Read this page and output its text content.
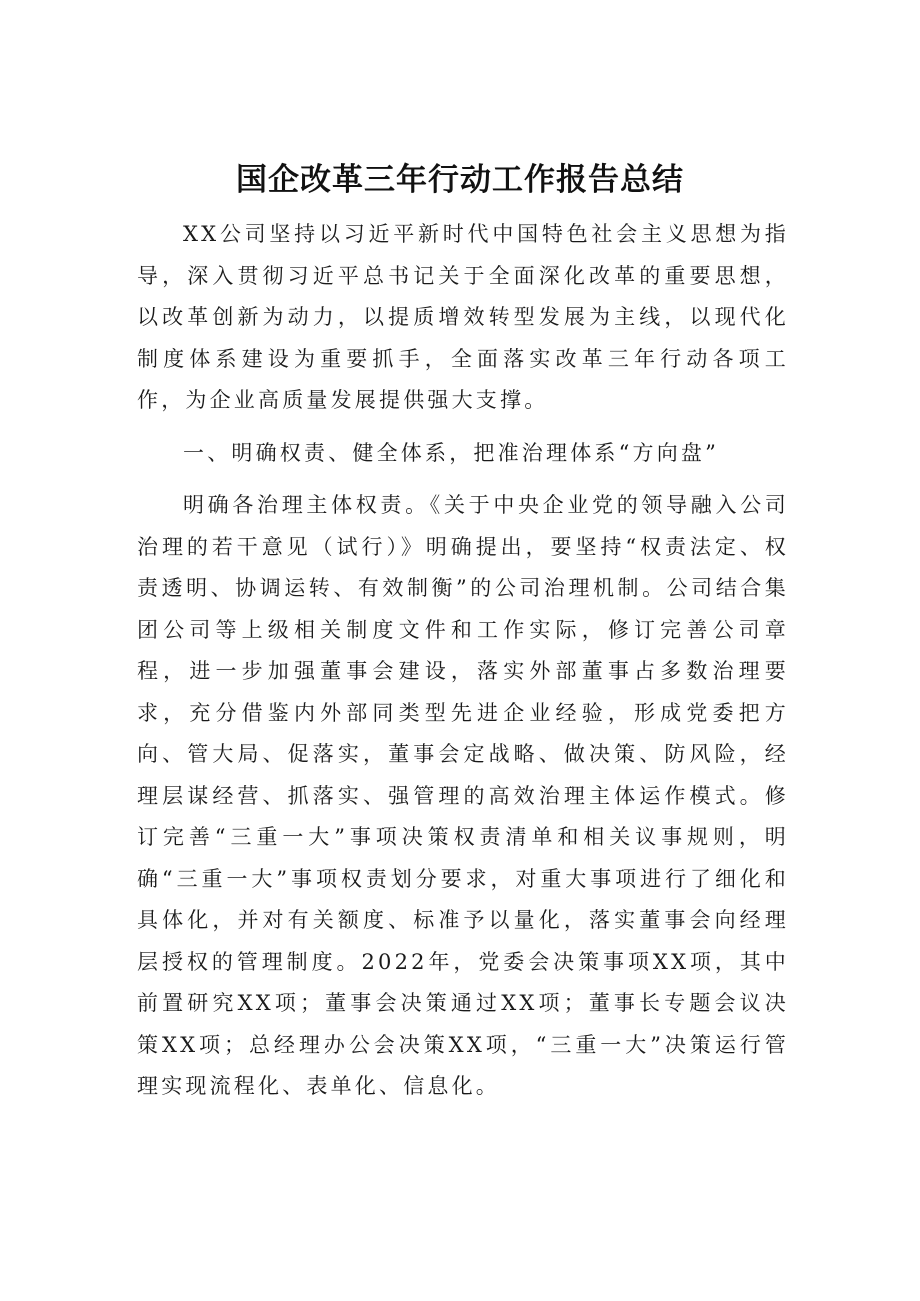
国企改革三年行动工作报告总结

XX公司坚持以习近平新时代中国特色社会主义思想为指导，深入贯彻习近平总书记关于全面深化改革的重要思想，以改革创新为动力，以提质增效转型发展为主线，以现代化制度体系建设为重要抓手，全面落实改革三年行动各项工作，为企业高质量发展提供强大支撑。

一、明确权责、健全体系，把准治理体系“方向盘”

明确各治理主体权责。《关于中央企业党的领导融入公司治理的若干意见（试行）》明确提出，要坚持“权责法定、权责透明、协调运转、有效制衡”的公司治理机制。公司结合集团公司等上级相关制度文件和工作实际，修订完善公司章程，进一步加强董事会建设，落实外部董事占多数治理要求，充分借鉴内外部同类型先进企业经验，形成党委把方向、管大局、促落实，董事会定战略、做决策、防风险，经理层谋经营、抓落实、强管理的高效治理主体运作模式。修订完善“三重一大”事项决策权责清单和相关议事规则，明确“三重一大”事项权责划分要求，对重大事项进行了细化和具体化，并对有关额度、标准予以量化，落实董事会向经理层授权的管理制度。2022年，党委会决策事项XX项，其中前置研究XX项；董事会决策通过XX项；董事长专题会议决策XX项；总经理办公会决策XX项，“三重一大”决策运行管理实现流程化、表单化、信息化。
